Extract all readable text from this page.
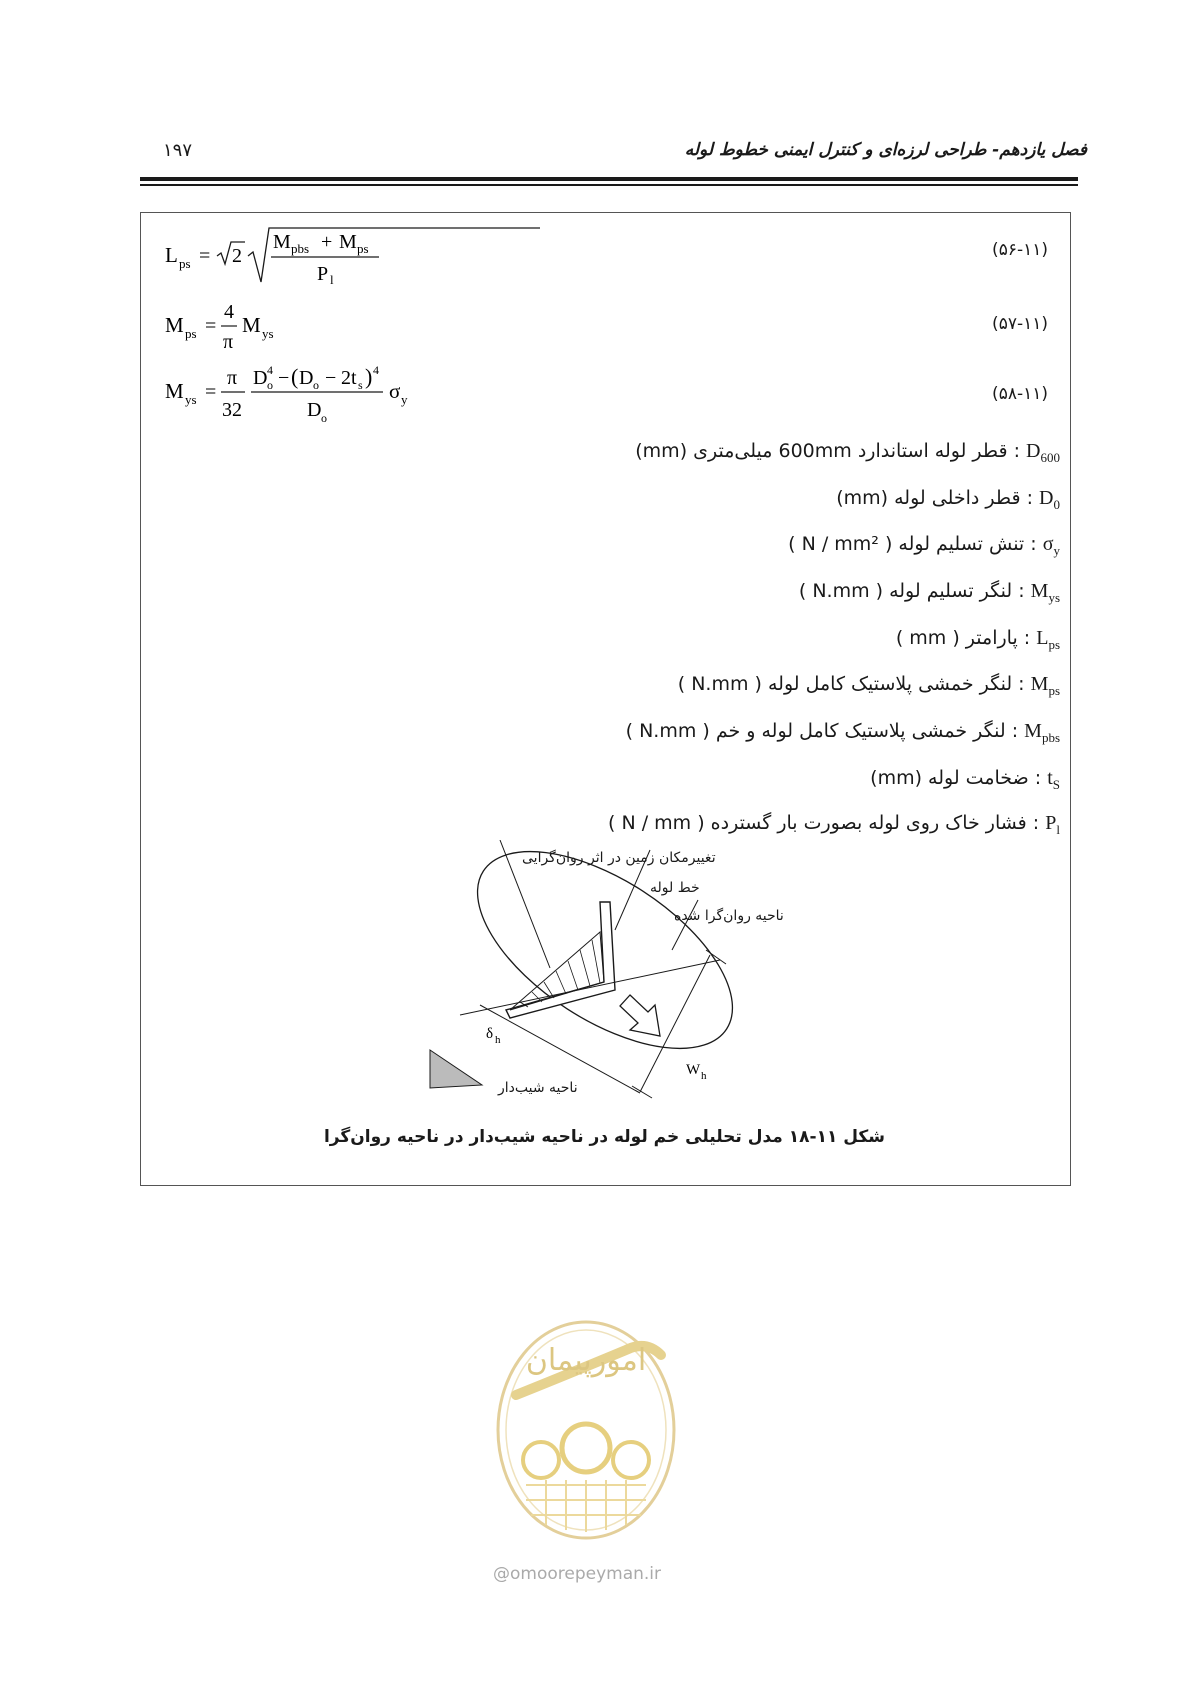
فصل یازدهم- طراحی لرزه‌ای و کنترل ایمنی خطوط لوله
۱۹۷
L ps = 2
M pbs + M ps
P l
(۵۶-۱۱)
M ps =
4
π
M ys	(۵۷-۱۱)
M ys =
π
32
D 4
o − ( D o − 2t s ) 4
D o
σ y	(۵۸-۱۱)
$D_{600}$ : قطر لوله استاندارد 600mm میلی‌متری (mm)
$D_0$ : قطر داخلی لوله (mm)
$\sigma_y$ : تنش تسلیم لوله ( N / mm² )
$M_{ys}$ : لنگر تسلیم لوله ( N.mm )
$L_{ps}$ : پارامتر ( mm )
$M_{ps}$ : لنگر خمشی پلاستیک کامل لوله ( N.mm )
$M_{pbs}$ : لنگر خمشی پلاستیک کامل لوله و خم ( N.mm )
$t_S$ : ضخامت لوله (mm)
$P_l$ : فشار خاک روی لوله بصورت بار گسترده ( N / mm )
δ h
W h
تغییرمکان زمین در اثر روان‌گرایی
خط لوله
ناحیه روان‌گرا شده
ناحیه شیب‌دار
شکل ۱۱-۱۸ مدل تحلیلی خم لوله در ناحیه شیب‌دار در ناحیه روان‌گرا
امورپیمان
@omoorepeyman.ir
